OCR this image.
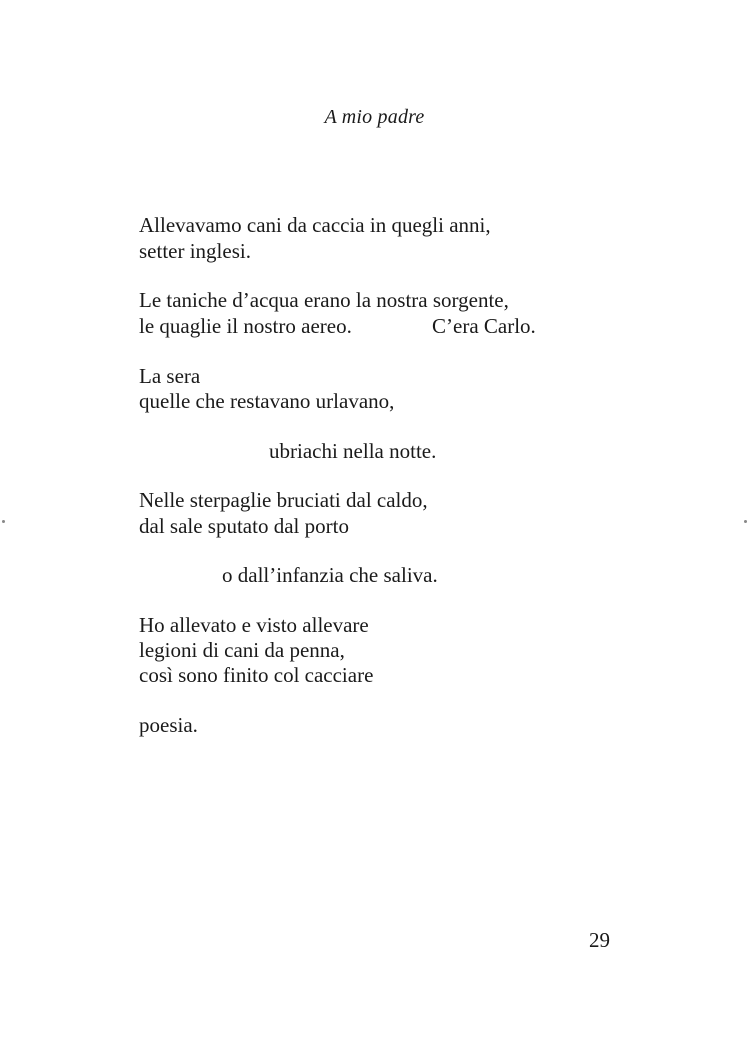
A mio padre
Allevavamo cani da caccia in quegli anni,
setter inglesi.
Le taniche d’acqua erano la nostra sorgente,
le quaglie il nostro aereo.	C’era Carlo.
La sera
quelle che restavano urlavano,
ubriachi nella notte.
Nelle sterpaglie bruciati dal caldo,
dal sale sputato dal porto
o dall’infanzia che saliva.
Ho allevato e visto allevare
legioni di cani da penna,
così sono finito col cacciare
poesia.
29
